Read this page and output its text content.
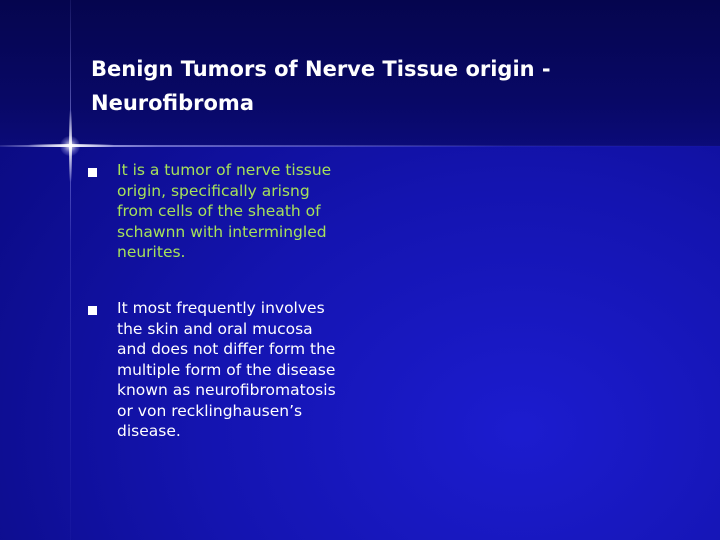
Benign Tumors of Nerve Tissue origin -
Neurofibroma
It is a tumor of nerve tissue
origin, specifically arisng
from cells of the sheath of
schawnn with intermingled
neurites.
It most frequently involves
the skin and oral mucosa
and does not differ form the
multiple form of the disease
known as neurofibromatosis
or von recklinghausen’s
disease.
